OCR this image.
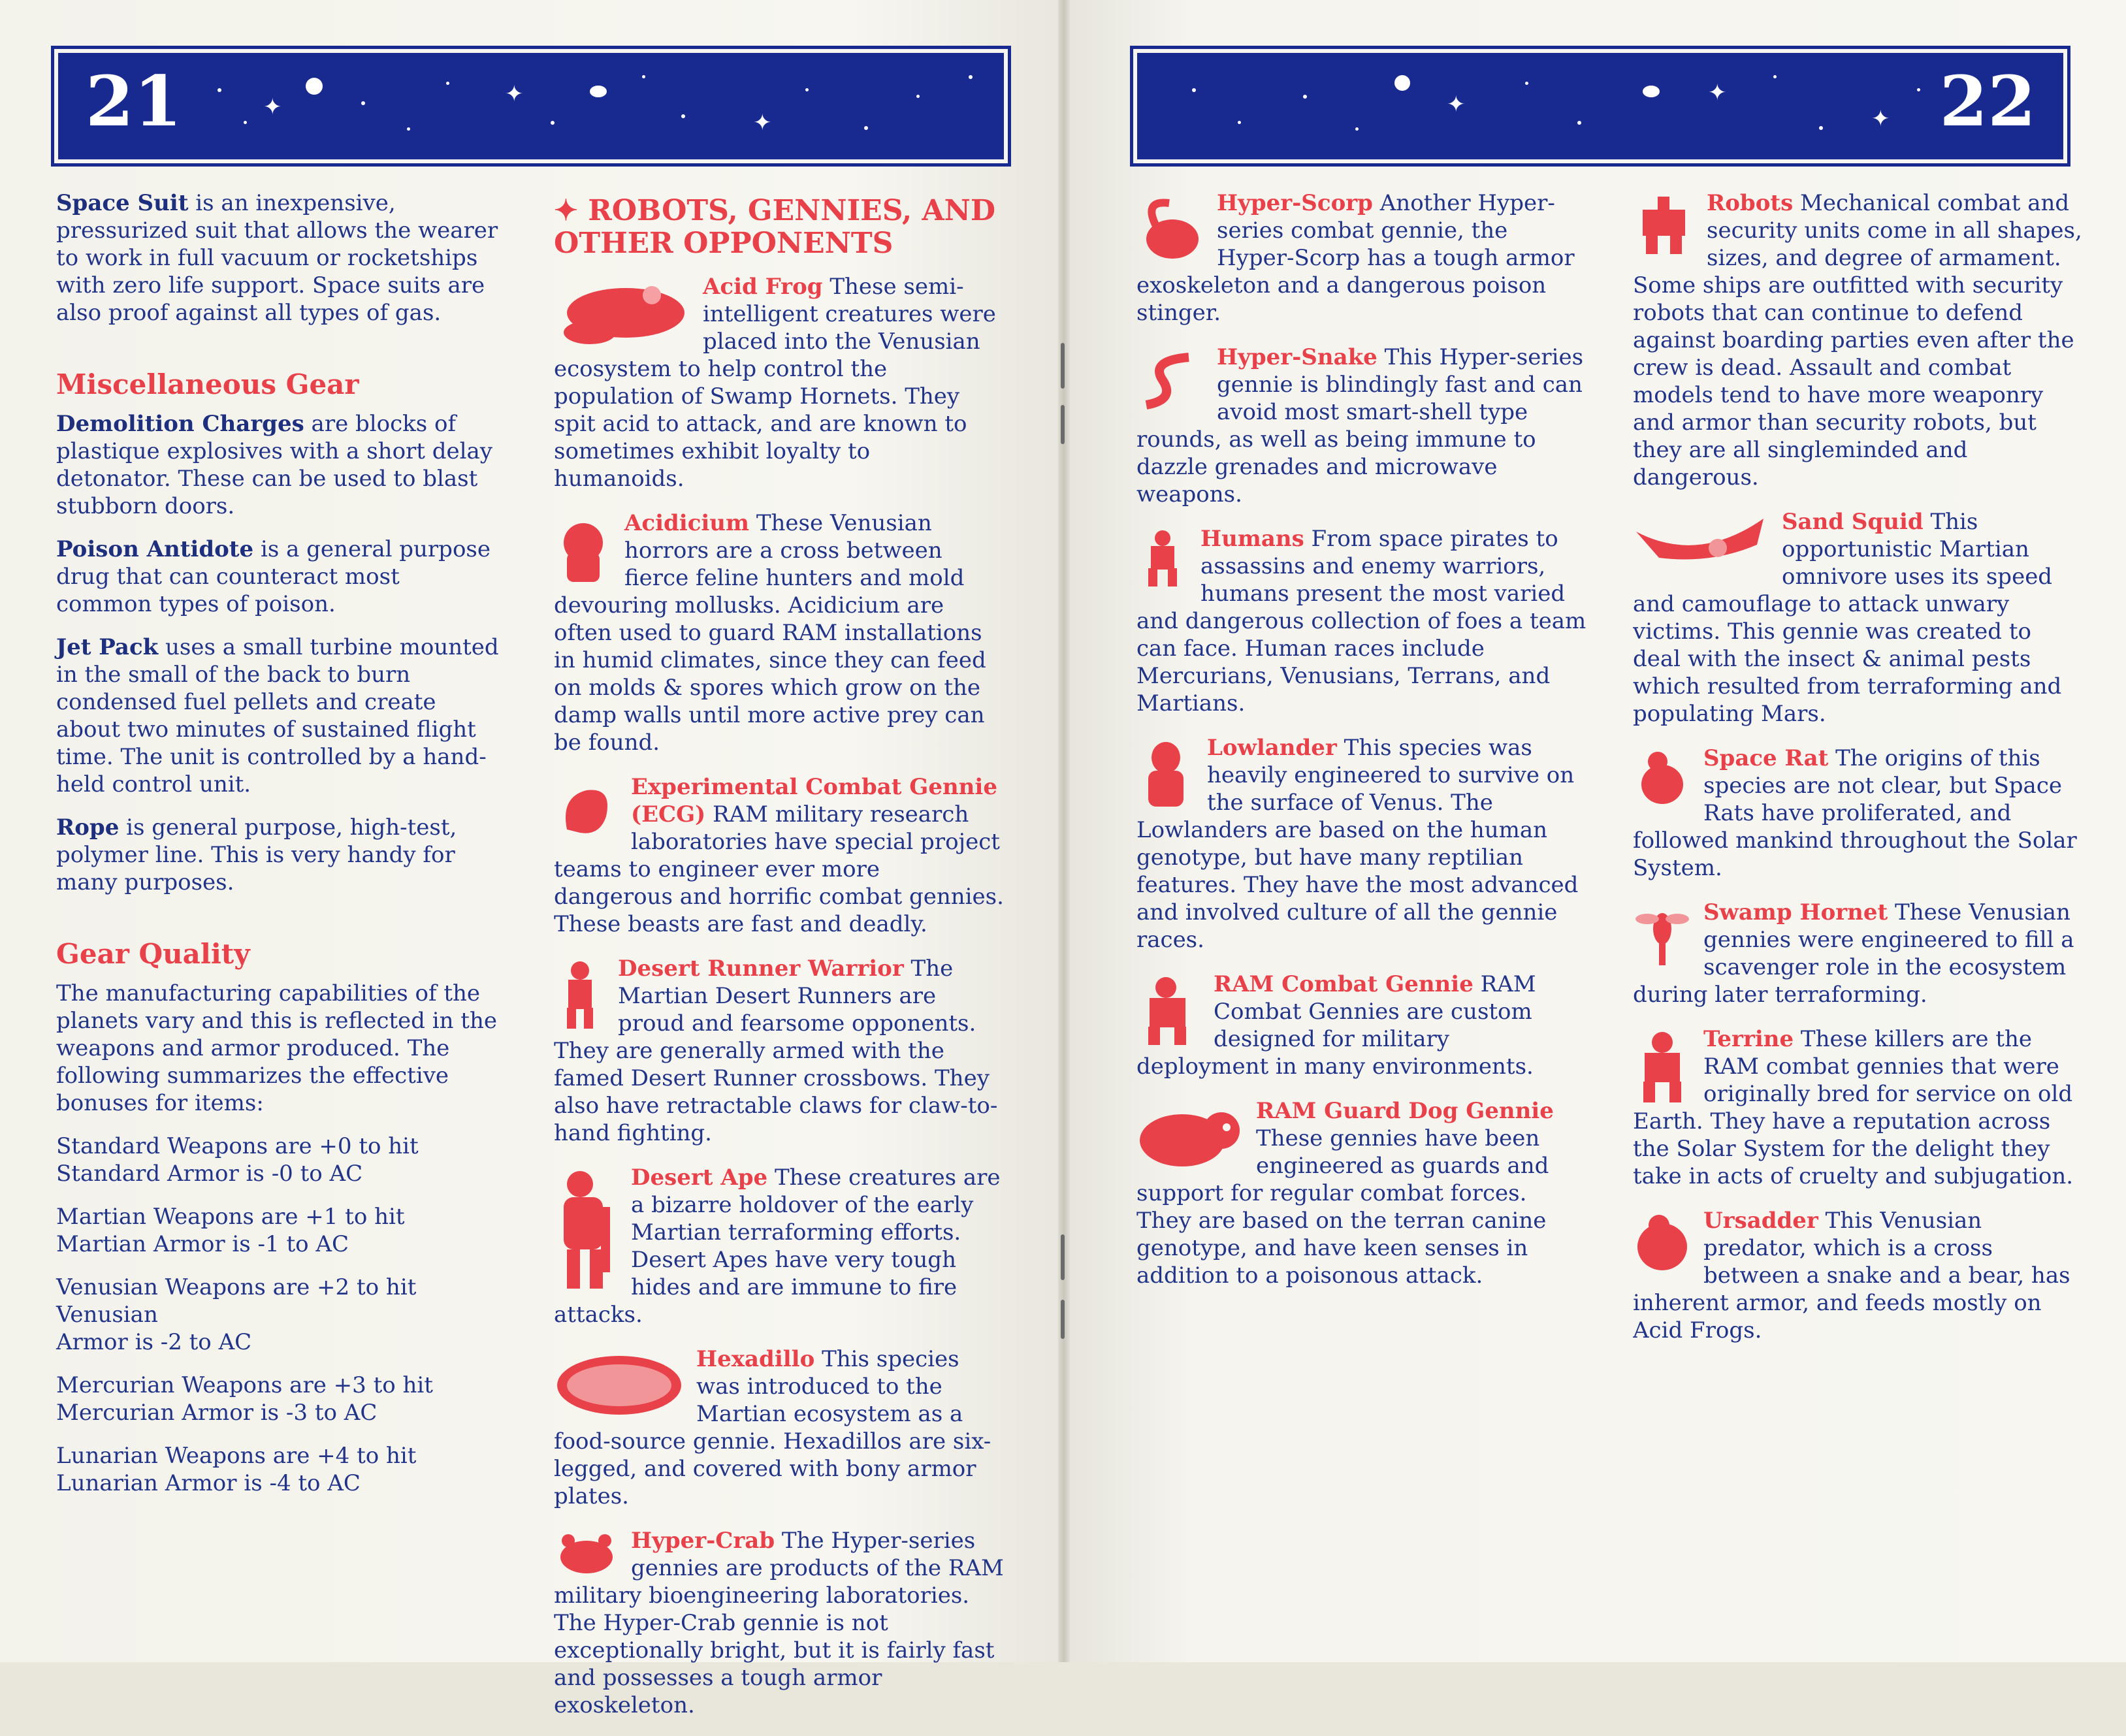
21	✦	✦
✦	22
✦	✦
✦

Space Suit is an inexpensive, pressurized suit that allows the wearer to work in full vacuum or rocketships with zero life support. Space suits are also proof against all types of gas.

Miscellaneous Gear

Demolition Charges are blocks of plastique explosives with a short delay detonator. These can be used to blast stubborn doors.

Poison Antidote is a general purpose drug that can counteract most common types of poison.

Jet Pack uses a small turbine mounted in the small of the back to burn condensed fuel pellets and create about two minutes of sustained flight time. The unit is controlled by a hand-held control unit.

Rope is general purpose, high-test, polymer line. This is very handy for many purposes.

Gear Quality

The manufacturing capabilities of the planets vary and this is reflected in the weapons and armor produced. The following summarizes the effective bonuses for items:

Standard Weapons are +0 to hit
Standard Armor is -0 to AC

Martian Weapons are +1 to hit
Martian Armor is -1 to AC

Venusian Weapons are +2 to hit Venusian
Armor is -2 to AC

Mercurian Weapons are +3 to hit
Mercurian Armor is -3 to AC

Lunarian Weapons are +4 to hit
Lunarian Armor is -4 to AC

✦ ROBOTS, GENNIES, AND OTHER OPPONENTS
Acid Frog These semi-intelligent creatures were placed into the Venusian ecosystem to help control the population of Swamp Hornets. They spit acid to attack, and are known to sometimes exhibit loyalty to humanoids.
Acidicium These Venusian horrors are a cross between fierce feline hunters and mold devouring mollusks. Acidicium are often used to guard RAM installations in humid climates, since they can feed on molds & spores which grow on the damp walls until more active prey can be found.
Experimental Combat Gennie (ECG) RAM military research laboratories have special project teams to engineer ever more dangerous and horrific combat gennies. These beasts are fast and deadly.
Desert Runner Warrior The Martian Desert Runners are proud and fearsome opponents. They are generally armed with the famed Desert Runner crossbows. They also have retractable claws for claw-to-hand fighting.
Desert Ape These creatures are a bizarre holdover of the early Martian terraforming efforts. Desert Apes have very tough hides and are immune to fire attacks.
Hexadillo This species was introduced to the Martian ecosystem as a food-source gennie. Hexadillos are six-legged, and covered with bony armor plates.
Hyper-Crab The Hyper-series gennies are products of the RAM military bioengineering laboratories. The Hyper-Crab gennie is not exceptionally bright, but it is fairly fast and possesses a tough armor exoskeleton.
Hyper-Scorp Another Hyper-series combat gennie, the Hyper-Scorp has a tough armor exoskeleton and a dangerous poison stinger.
Hyper-Snake This Hyper-series gennie is blindingly fast and can avoid most smart-shell type rounds, as well as being immune to dazzle grenades and microwave weapons.
Humans From space pirates to assassins and enemy warriors, humans present the most varied and dangerous collection of foes a team can face. Human races include Mercurians, Venusians, Terrans, and Martians.
Lowlander This species was heavily engineered to survive on the surface of Venus. The Lowlanders are based on the human genotype, but have many reptilian features. They have the most advanced and involved culture of all the gennie races.
RAM Combat Gennie RAM Combat Gennies are custom designed for military deployment in many environments.
RAM Guard Dog Gennie These gennies have been engineered as guards and support for regular combat forces. They are based on the terran canine genotype, and have keen senses in addition to a poisonous attack.
Robots Mechanical combat and security units come in all shapes, sizes, and degree of armament. Some ships are outfitted with security robots that can continue to defend against boarding parties even after the crew is dead. Assault and combat models tend to have more weaponry and armor than security robots, but they are all singleminded and dangerous.
Sand Squid This opportunistic Martian omnivore uses its speed and camouflage to attack unwary victims. This gennie was created to deal with the insect & animal pests which resulted from terraforming and populating Mars.
Space Rat The origins of this species are not clear, but Space Rats have proliferated, and followed mankind throughout the Solar System.
Swamp Hornet These Venusian gennies were engineered to fill a scavenger role in the ecosystem during later terraforming.
Terrine These killers are the RAM combat gennies that were originally bred for service on old Earth. They have a reputation across the Solar System for the delight they take in acts of cruelty and subjugation.
Ursadder This Venusian predator, which is a cross between a snake and a bear, has inherent armor, and feeds mostly on Acid Frogs.
